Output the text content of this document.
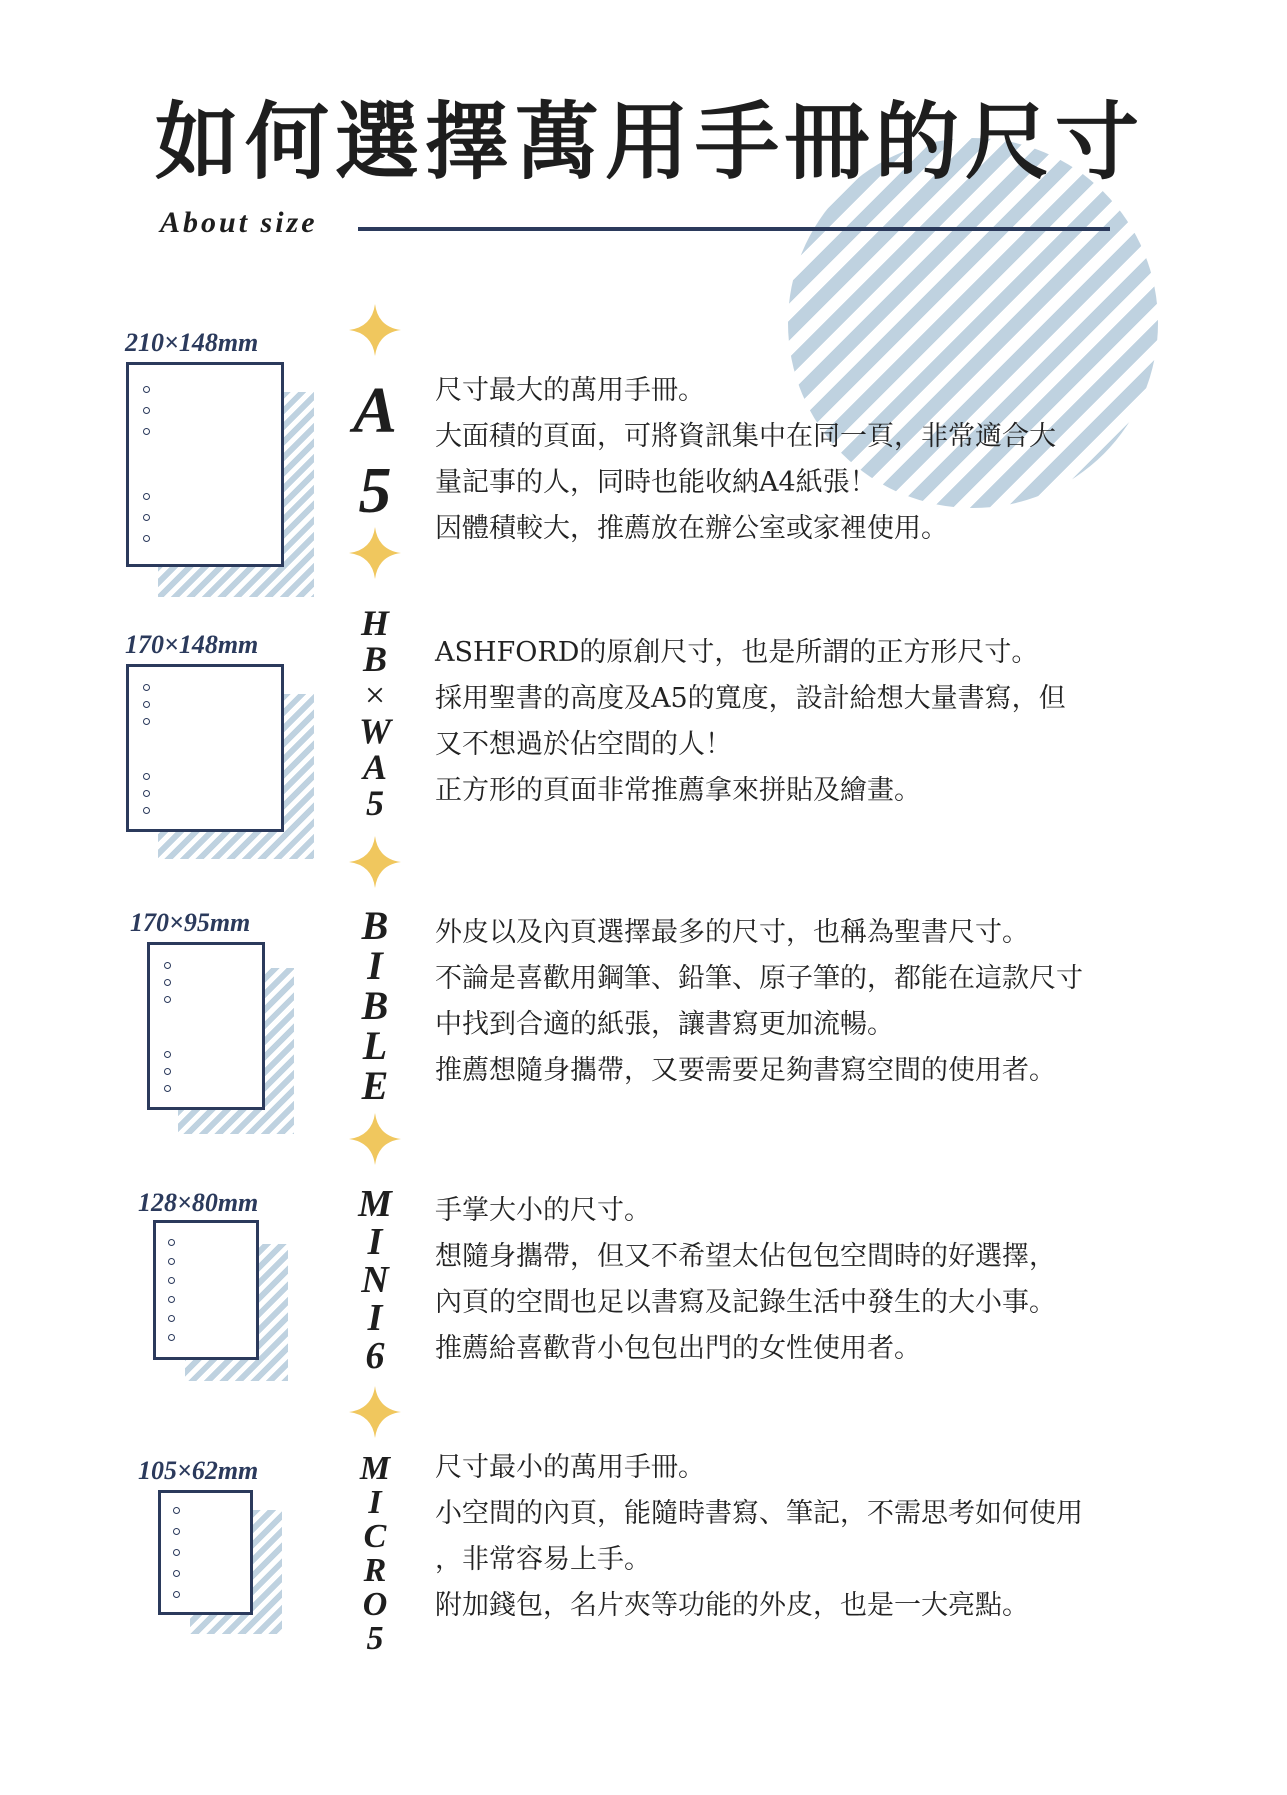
如何選擇萬用手冊的尺寸
About size
210×148mm
A
5
尺寸最大的萬用手冊。
大面積的頁面，可將資訊集中在同一頁，非常適合大
量記事的人，同時也能收納A4紙張！
因體積較大，推薦放在辦公室或家裡使用。
170×148mm
H
B
×
W
A
5
ASHFORD的原創尺寸，也是所謂的正方形尺寸。
採用聖書的高度及A5的寬度，設計給想大量書寫，但
又不想過於佔空間的人！
正方形的頁面非常推薦拿來拼貼及繪畫。
170×95mm	B
I
B
L
E
外皮以及內頁選擇最多的尺寸，也稱為聖書尺寸。
不論是喜歡用鋼筆、鉛筆、原子筆的，都能在這款尺寸
中找到合適的紙張，讓書寫更加流暢。
推薦想隨身攜帶，又要需要足夠書寫空間的使用者。
128×80mm	M
I
N
I
6
手掌大小的尺寸。
想隨身攜帶，但又不希望太佔包包空間時的好選擇，
內頁的空間也足以書寫及記錄生活中發生的大小事。
推薦給喜歡背小包包出門的女性使用者。
105×62mm	M
I
C
R
O
5
尺寸最小的萬用手冊。
小空間的內頁，能隨時書寫、筆記，不需思考如何使用
，非常容易上手。
附加錢包，名片夾等功能的外皮，也是一大亮點。
